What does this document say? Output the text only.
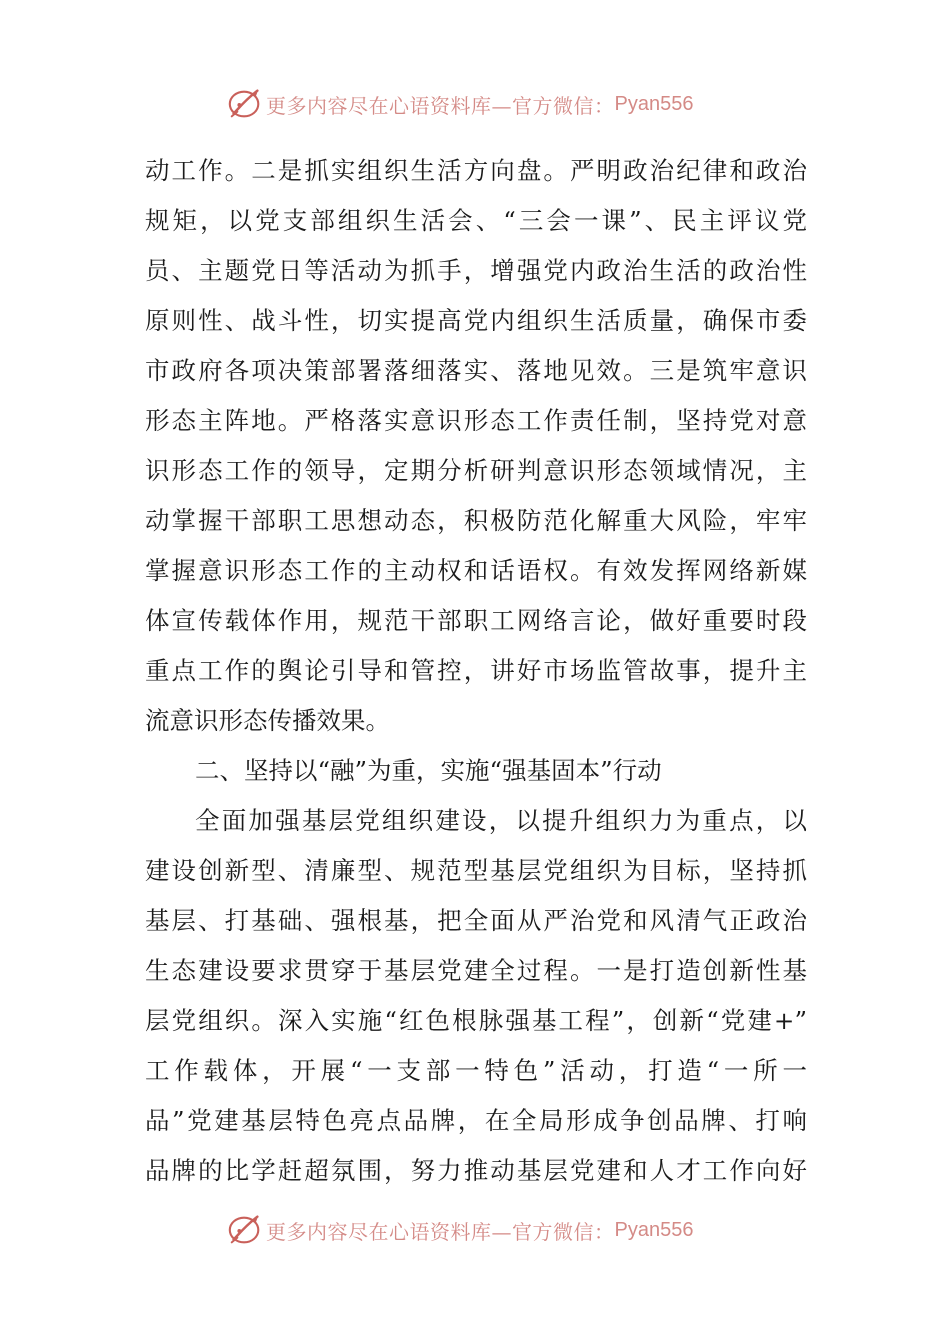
更多内容尽在心语资料库—官方微信： Pyan556
动工作。二是抓实组织生活方向盘。严明政治纪律和政治
规矩，以党支部组织生活会、“三会一课”、民主评议党
员、主题党日等活动为抓手，增强党内政治生活的政治性
原则性、战斗性，切实提高党内组织生活质量，确保市委
市政府各项决策部署落细落实、落地见效。三是筑牢意识
形态主阵地。严格落实意识形态工作责任制，坚持党对意
识形态工作的领导，定期分析研判意识形态领域情况，主
动掌握干部职工思想动态，积极防范化解重大风险，牢牢
掌握意识形态工作的主动权和话语权。有效发挥网络新媒
体宣传载体作用，规范干部职工网络言论，做好重要时段
重点工作的舆论引导和管控，讲好市场监管故事，提升主
流意识形态传播效果。
二、坚持以“融”为重，实施“强基固本”行动
全面加强基层党组织建设，以提升组织力为重点，以
建设创新型、清廉型、规范型基层党组织为目标，坚持抓
基层、打基础、强根基，把全面从严治党和风清气正政治
生态建设要求贯穿于基层党建全过程。一是打造创新性基
层党组织。深入实施“红色根脉强基工程”，创新“党建+”
工作载体，开展“一支部一特色”活动，打造“一所一
品”党建基层特色亮点品牌，在全局形成争创品牌、打响
品牌的比学赶超氛围，努力推动基层党建和人才工作向好
更多内容尽在心语资料库—官方微信： Pyan556
